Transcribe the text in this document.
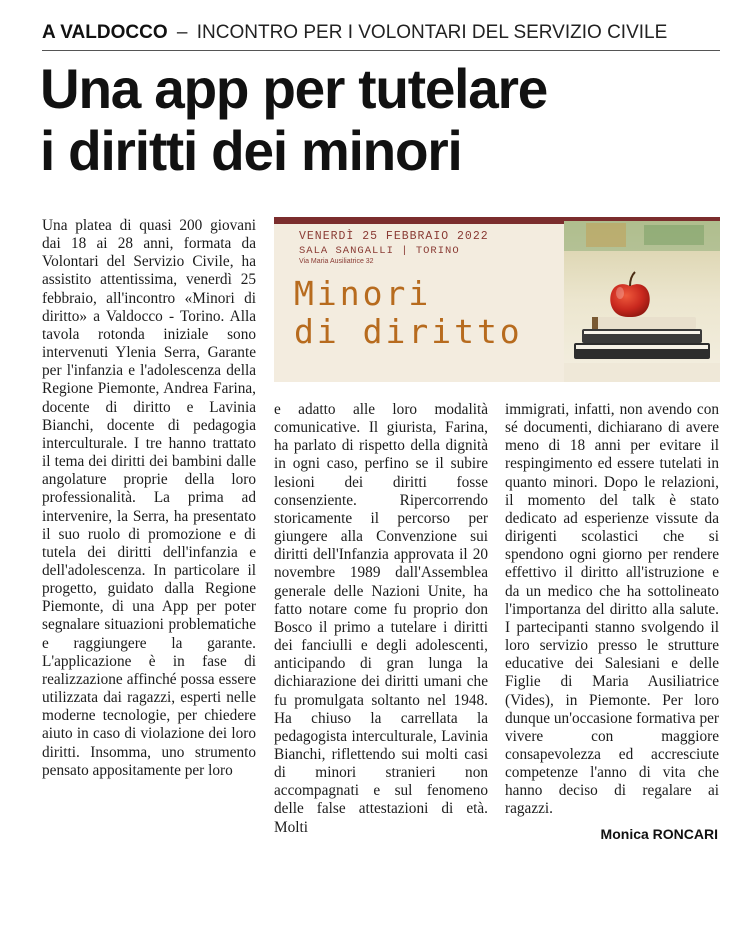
A VALDOCCO – INCONTRO PER I VOLONTARI DEL SERVIZIO CIVILE
Una app per tutelare
i diritti dei minori

Una platea di quasi 200 giovani dai 18 ai 28 anni, formata da Volontari del Servizio Civile, ha assistito attentissima, venerdì 25 febbraio, all'incontro «Minori di diritto» a Valdocco - Torino. Alla tavola rotonda iniziale sono intervenuti Ylenia Serra, Garante per l'infanzia e l'adolescenza della Regione Piemonte, Andrea Farina, docente di diritto e Lavinia Bianchi, docente di pedagogia interculturale. I tre hanno trattato il tema dei diritti dei bambini dalle angolature proprie della loro professionalità. La prima ad intervenire, la Serra, ha presentato il suo ruolo di promozione e di tutela dei diritti dell'infanzia e dell'adolescenza. In particolare il progetto, guidato dalla Regione Piemonte, di una App per poter segnalare situazioni problematiche e raggiungere la garante. L'applicazione è in fase di realizzazione affinché possa essere utilizzata dai ragazzi, esperti nelle moderne tecnologie, per chiedere aiuto in caso di violazione dei loro diritti. Insomma, uno strumento pensato appositamente per loro

VENERDÌ 25 FEBBRAIO 2022
SALA SANGALLI | TORINO
Via Maria Ausiliatrice 32
Minori
di diritto

e adatto alle loro modalità comunicative. Il giurista, Farina, ha parlato di rispetto della dignità in ogni caso, perfino se il subire lesioni dei diritti fosse consenziente. Ripercorrendo storicamente il percorso per giungere alla Convenzione sui diritti dell'Infanzia approvata il 20 novembre 1989 dall'Assemblea generale delle Nazioni Unite, ha fatto notare come fu proprio don Bosco il primo a tutelare i diritti dei fanciulli e degli adolescenti, anticipando di gran lunga la dichiarazione dei diritti umani che fu promulgata soltanto nel 1948. Ha chiuso la carrellata la pedagogista interculturale, Lavinia Bianchi, riflettendo sui molti casi di minori stranieri non accompagnati e sul fenomeno delle false attestazioni di età. Molti

immigrati, infatti, non avendo con sé documenti, dichiarano di avere meno di 18 anni per evitare il respingimento ed essere tutelati in quanto minori. Dopo le relazioni, il momento del talk è stato dedicato ad esperienze vissute da dirigenti scolastici che si spendono ogni giorno per rendere effettivo il diritto all'istruzione e da un medico che ha sottolineato l'importanza del diritto alla salute. I partecipanti stanno svolgendo il loro servizio presso le strutture educative dei Salesiani e delle Figlie di Maria Ausiliatrice (Vides), in Piemonte. Per loro dunque un'occasione formativa per vivere con maggiore consapevolezza ed accresciute competenze l'anno di vita che hanno deciso di regalare ai ragazzi.

Monica RONCARI
